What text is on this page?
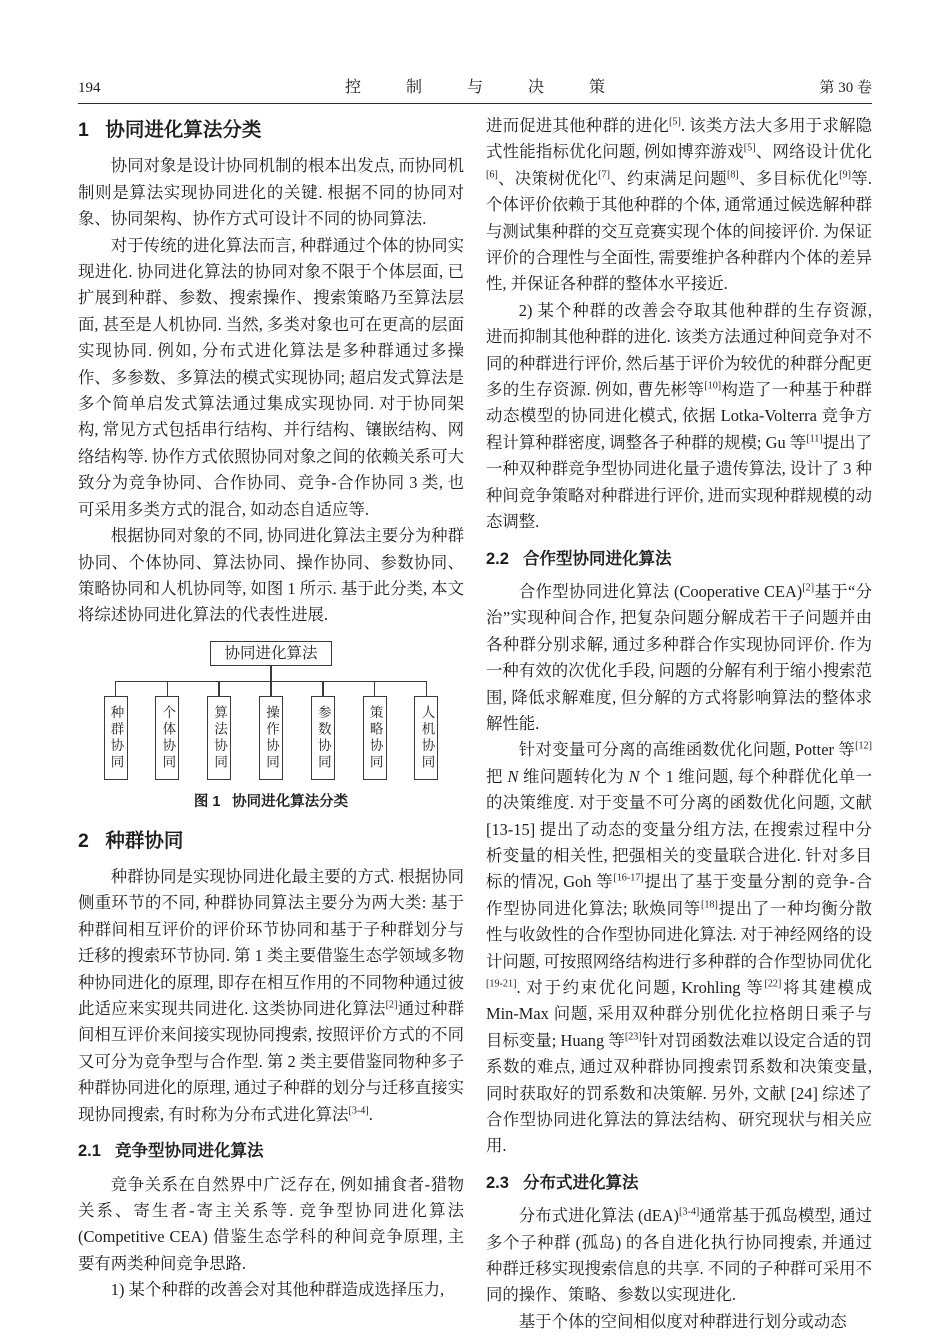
194	控制与决策	第 30 卷
1 协同进化算法分类

协同对象是设计协同机制的根本出发点, 而协同机制则是算法实现协同进化的关键. 根据不同的协同对象、协同架构、协作方式可设计不同的协同算法.

对于传统的进化算法而言, 种群通过个体的协同实现进化. 协同进化算法的协同对象不限于个体层面, 已扩展到种群、参数、搜索操作、搜索策略乃至算法层面, 甚至是人机协同. 当然, 多类对象也可在更高的层面实现协同. 例如, 分布式进化算法是多种群通过多操作、多参数、多算法的模式实现协同; 超启发式算法是多个简单启发式算法通过集成实现协同. 对于协同架构, 常见方式包括串行结构、并行结构、镶嵌结构、网络结构等. 协作方式依照协同对象之间的依赖关系可大致分为竞争协同、合作协同、竞争-合作协同 3 类, 也可采用多类方式的混合, 如动态自适应等.

根据协同对象的不同, 协同进化算法主要分为种群协同、个体协同、算法协同、操作协同、参数协同、策略协同和人机协同等, 如图 1 所示. 基于此分类, 本文将综述协同进化算法的代表性进展.

协同进化算法
种群协同	个体协同	算法协同	操作协同	参数协同	策略协同	人机协同
图 1 协同进化算法分类
2 种群协同

种群协同是实现协同进化最主要的方式. 根据协同侧重环节的不同, 种群协同算法主要分为两大类: 基于种群间相互评价的评价环节协同和基于子种群划分与迁移的搜索环节协同. 第 1 类主要借鉴生态学领域多物种协同进化的原理, 即存在相互作用的不同物种通过彼此适应来实现共同进化. 这类协同进化算法[2]通过种群间相互评价来间接实现协同搜索, 按照评价方式的不同又可分为竞争型与合作型. 第 2 类主要借鉴同物种多子种群协同进化的原理, 通过子种群的划分与迁移直接实现协同搜索, 有时称为分布式进化算法[3-4].

2.1 竞争型协同进化算法

竞争关系在自然界中广泛存在, 例如捕食者-猎物关系、寄生者-寄主关系等. 竞争型协同进化算法 (Competitive CEA) 借鉴生态学科的种间竞争原理, 主要有两类种间竞争思路.

1) 某个种群的改善会对其他种群造成选择压力,

进而促进其他种群的进化[5]. 该类方法大多用于求解隐式性能指标优化问题, 例如博弈游戏[5]、网络设计优化[6]、决策树优化[7]、约束满足问题[8]、多目标优化[9]等. 个体评价依赖于其他种群的个体, 通常通过候选解种群与测试集种群的交互竞赛实现个体的间接评价. 为保证评价的合理性与全面性, 需要维护各种群内个体的差异性, 并保证各种群的整体水平接近.

2) 某个种群的改善会夺取其他种群的生存资源, 进而抑制其他种群的进化. 该类方法通过种间竞争对不同的种群进行评价, 然后基于评价为较优的种群分配更多的生存资源. 例如, 曹先彬等[10]构造了一种基于种群动态模型的协同进化模式, 依据 Lotka-Volterra 竞争方程计算种群密度, 调整各子种群的规模; Gu 等[11]提出了一种双种群竞争型协同进化量子遗传算法, 设计了 3 种种间竞争策略对种群进行评价, 进而实现种群规模的动态调整.

2.2 合作型协同进化算法

合作型协同进化算法 (Cooperative CEA)[2]基于“分治”实现种间合作, 把复杂问题分解成若干子问题并由各种群分别求解, 通过多种群合作实现协同评价. 作为一种有效的次优化手段, 问题的分解有利于缩小搜索范围, 降低求解难度, 但分解的方式将影响算法的整体求解性能.

针对变量可分离的高维函数优化问题, Potter 等[12]把 N 维问题转化为 N 个 1 维问题, 每个种群优化单一的决策维度. 对于变量不可分离的函数优化问题, 文献 [13-15] 提出了动态的变量分组方法, 在搜索过程中分析变量的相关性, 把强相关的变量联合进化. 针对多目标的情况, Goh 等[16-17]提出了基于变量分割的竞争-合作型协同进化算法; 耿焕同等[18]提出了一种均衡分散性与收敛性的合作型协同进化算法. 对于神经网络的设计问题, 可按照网络结构进行多种群的合作型协同优化[19-21]. 对于约束优化问题, Krohling 等[22]将其建模成 Min-Max 问题, 采用双种群分别优化拉格朗日乘子与目标变量; Huang 等[23]针对罚函数法难以设定合适的罚系数的难点, 通过双种群协同搜索罚系数和决策变量, 同时获取好的罚系数和决策解. 另外, 文献 [24] 综述了合作型协同进化算法的算法结构、研究现状与相关应用.

2.3 分布式进化算法

分布式进化算法 (dEA)[3-4]通常基于孤岛模型, 通过多个子种群 (孤岛) 的各自进化执行协同搜索, 并通过种群迁移实现搜索信息的共享. 不同的子种群可采用不同的操作、策略、参数以实现进化.

基于个体的空间相似度对种群进行划分或动态
